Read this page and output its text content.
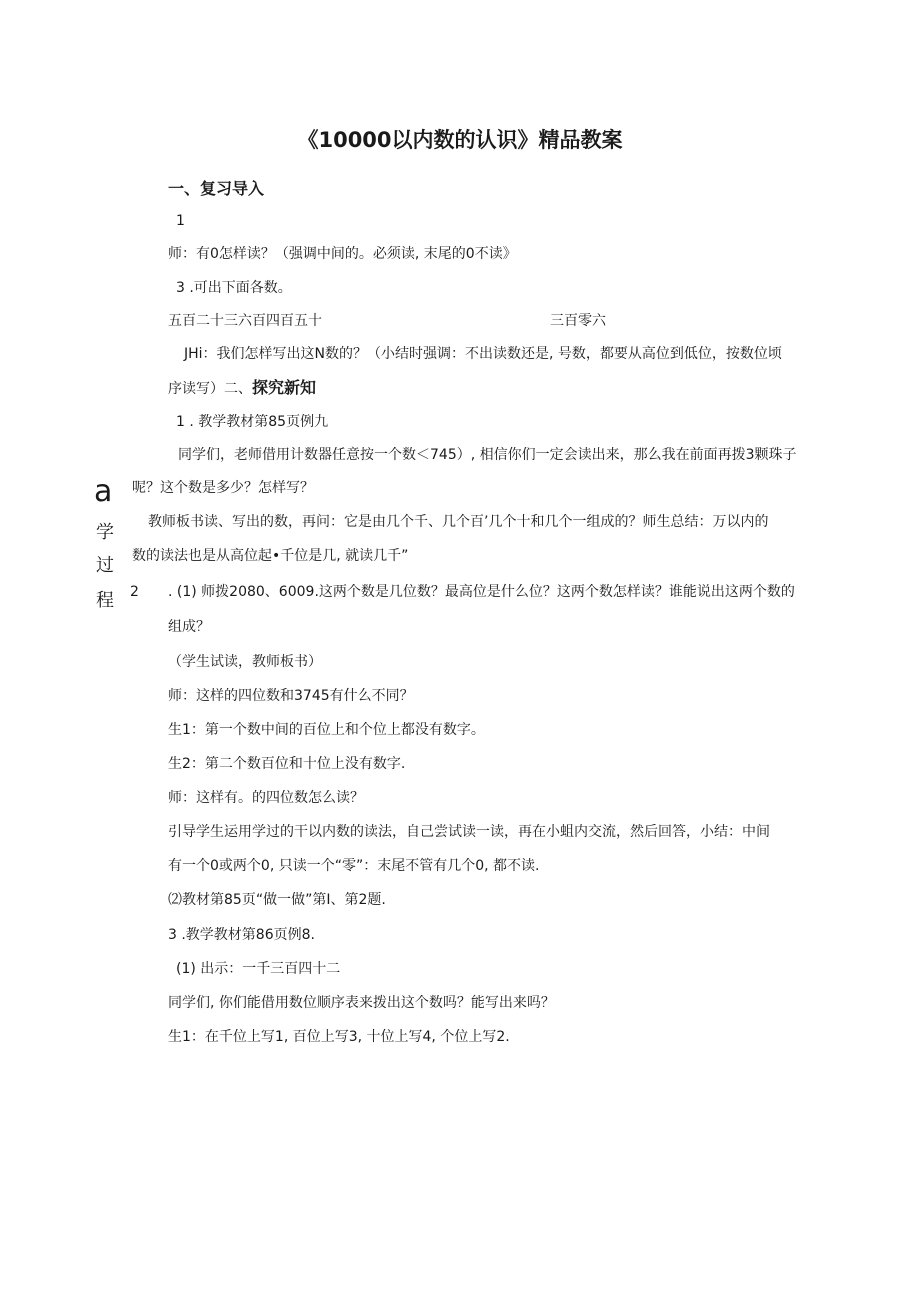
《10000以内数的认识》精品教案
一、复习导入
1
师：有0怎样读？（强调中间的。必须读, 末尾的0不读》
3 .可出下面各数。
五百二十三六百四百五十	三百零六
JHi：我们怎样写出这N数的？（小结时强调：不出读数还是, 号数，都要从高位到低位，按数位顷
序读写）二、探究新知
1 . 教学教材第85页例九
同学们，老师借用计数器任意按一个数＜745）, 相信你们一定会读出来，那么我在前面再拨3颗珠子
呢？这个数是多少？怎样写？
教师板书读、写出的数，再问：它是由几个千、几个百’几个十和几个一组成的？师生总结：万以内的
数的读法也是从高位起•千位是几, 就读几千”
2 . (1) 师拨2080、6009.这两个数是几位数？最高位是什么位？这两个数怎样读？谁能说出这两个数的
组成？
（学生试读，教师板书）
师：这样的四位数和3745有什么不同？
生1：第一个数中间的百位上和个位上都没有数字。
生2：第二个数百位和十位上没有数字.
师：这样有。的四位数怎么读？
引导学生运用学过的干以内数的读法，自己尝试读一读，再在小蛆内交流，然后回答，小结：中间
有一个0或两个0, 只读一个“零”：末尾不管有几个0, 都不读.
⑵教材第85页“做一做”第I、第2题.
3 .教学教材第86页例8.
(1) 出示：一千三百四十二
同学们, 你们能借用数位顺序表来拨出这个数吗？能写出来吗？
生1：在千位上写1, 百位上写3, 十位上写4, 个位上写2.
a
学
过
程
